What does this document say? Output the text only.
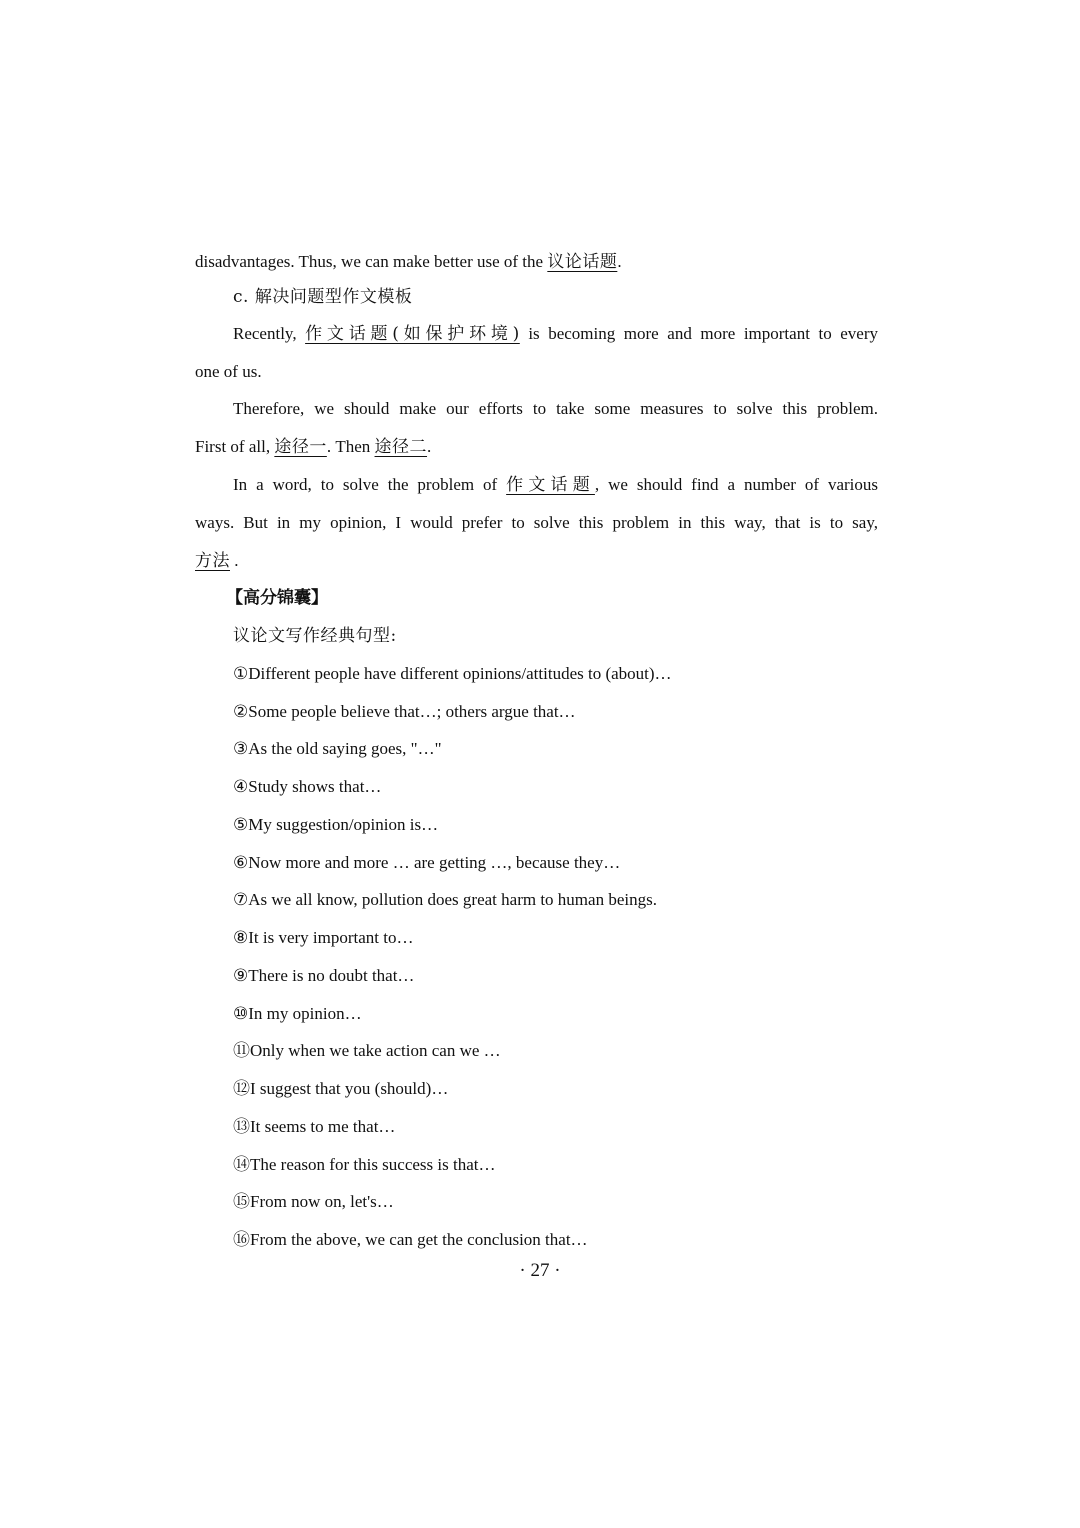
disadvantages. Thus, we can make better use of the 议论话题.
c. 解决问题型作文模板
Recently, 作文话题(如保护环境) is becoming more and more important to every
one of us.
Therefore, we should make our efforts to take some measures to solve this problem.
First of all, 途径一. Then 途径二.
In a word, to solve the problem of 作文话题, we should find a number of various
ways. But in my opinion, I would prefer to solve this problem in this way, that is to say,
方法 .
【高分锦囊】
议论文写作经典句型:
①Different people have different opinions/attitudes to (about)…
②Some people believe that…; others argue that…
③As the old saying goes, "…"
④Study shows that…
⑤My suggestion/opinion is…
⑥Now more and more … are getting …, because they…
⑦As we all know, pollution does great harm to human beings.
⑧It is very important to…
⑨There is no doubt that…
⑩In my opinion…
⑪Only when we take action can we …
⑫I suggest that you (should)…
⑬It seems to me that…
⑭The reason for this success is that…
⑮From now on, let's…
⑯From the above, we can get the conclusion that…
· 27 ·
